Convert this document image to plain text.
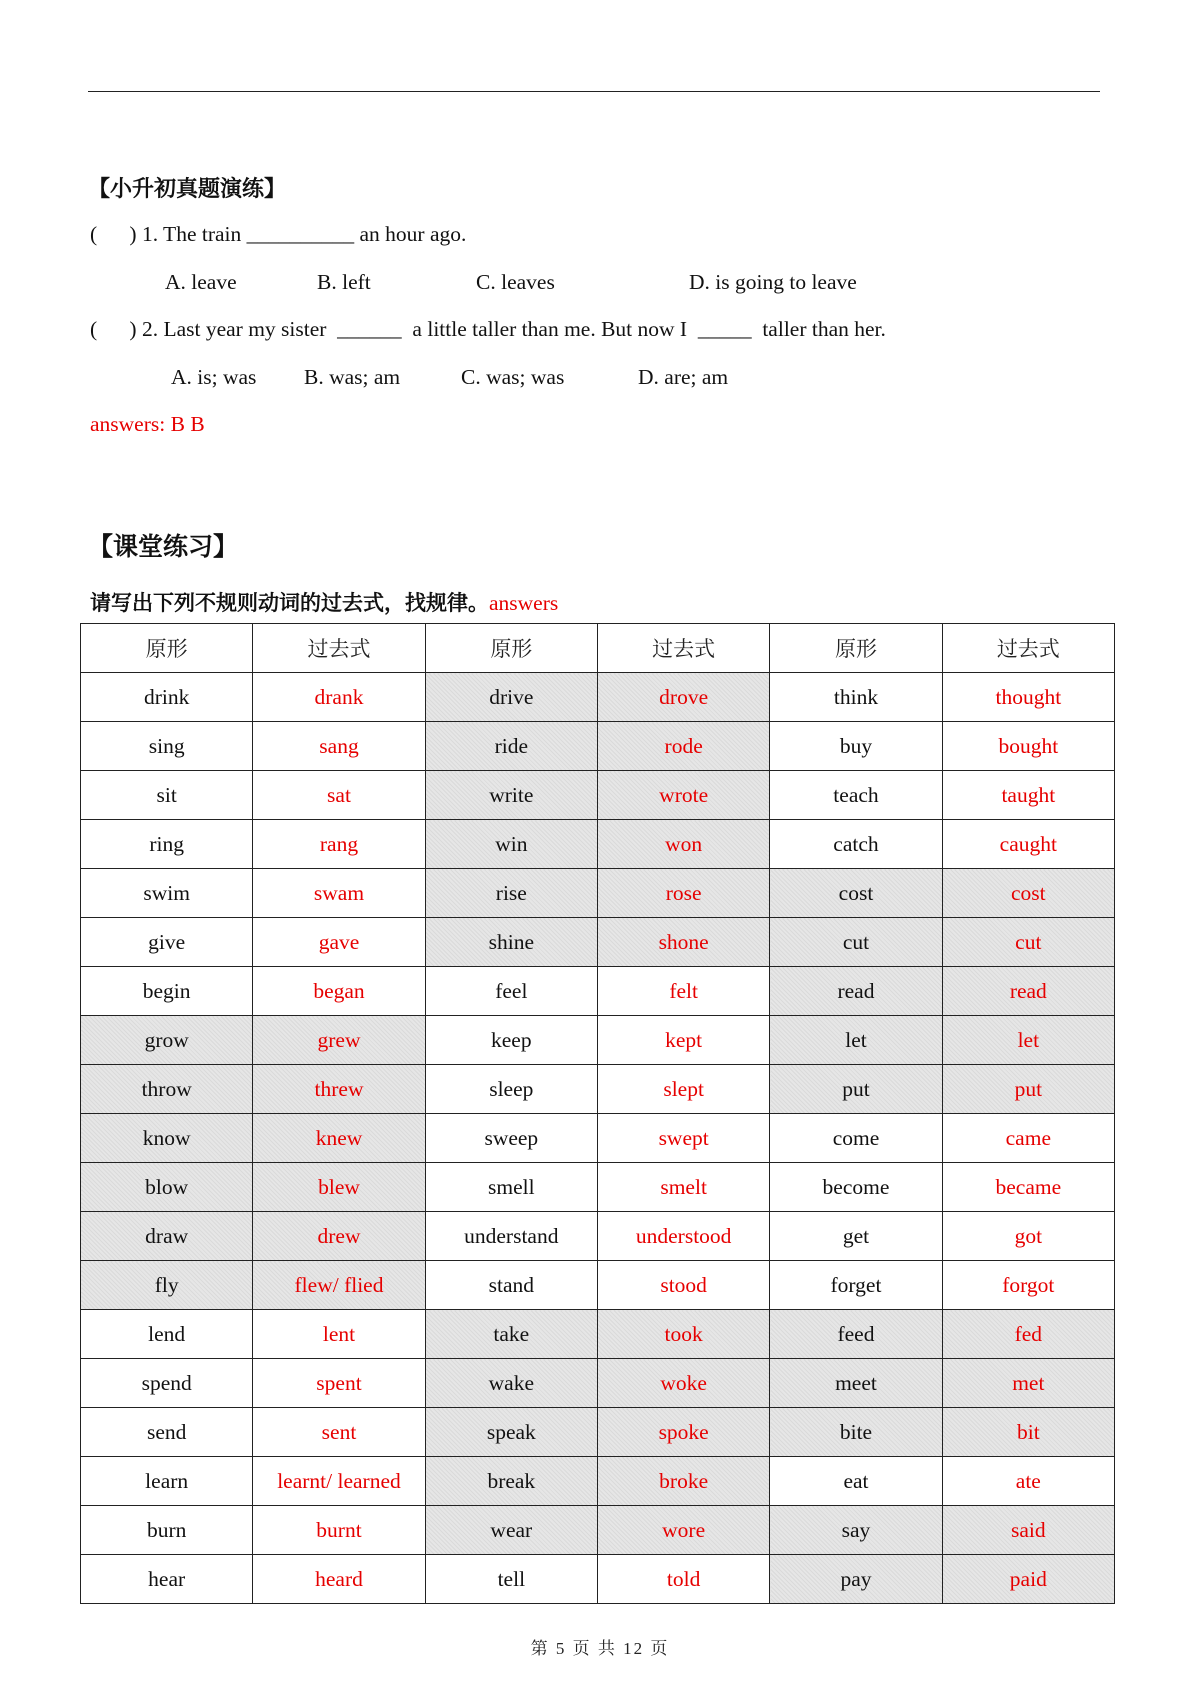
【小升初真题演练】
(      ) 1. The train __________ an hour ago.
A. leave	B. left	C. leaves	D. is going to leave
(      ) 2. Last year my sister  ______  a little taller than me. But now I  _____  taller than her.
A. is; was B. was; am	C. was; was	D. are; am
answers: B B
【课堂练习】
请写出下列不规则动词的过去式，找规律。answers
原形	过去式	原形	过去式	原形	过去式
drink	drank	drive	drove	think	thought
sing	sang	ride	rode	buy	bought
sit	sat	write	wrote	teach	taught
ring	rang	win	won	catch	caught
swim	swam	rise	rose	cost	cost
give	gave	shine	shone	cut	cut
begin	began	feel	felt	read	read
grow	grew	keep	kept	let	let
throw	threw	sleep	slept	put	put
know	knew	sweep	swept	come	came
blow	blew	smell	smelt	become	became
draw	drew	understand	understood	get	got
fly	flew/ flied	stand	stood	forget	forgot
lend	lent	take	took	feed	fed
spend	spent	wake	woke	meet	met
send	sent	speak	spoke	bite	bit
learn	learnt/ learned	break	broke	eat	ate
burn	burnt	wear	wore	say	said
hear	heard	tell	told	pay	paid
第 5 页 共 12 页
